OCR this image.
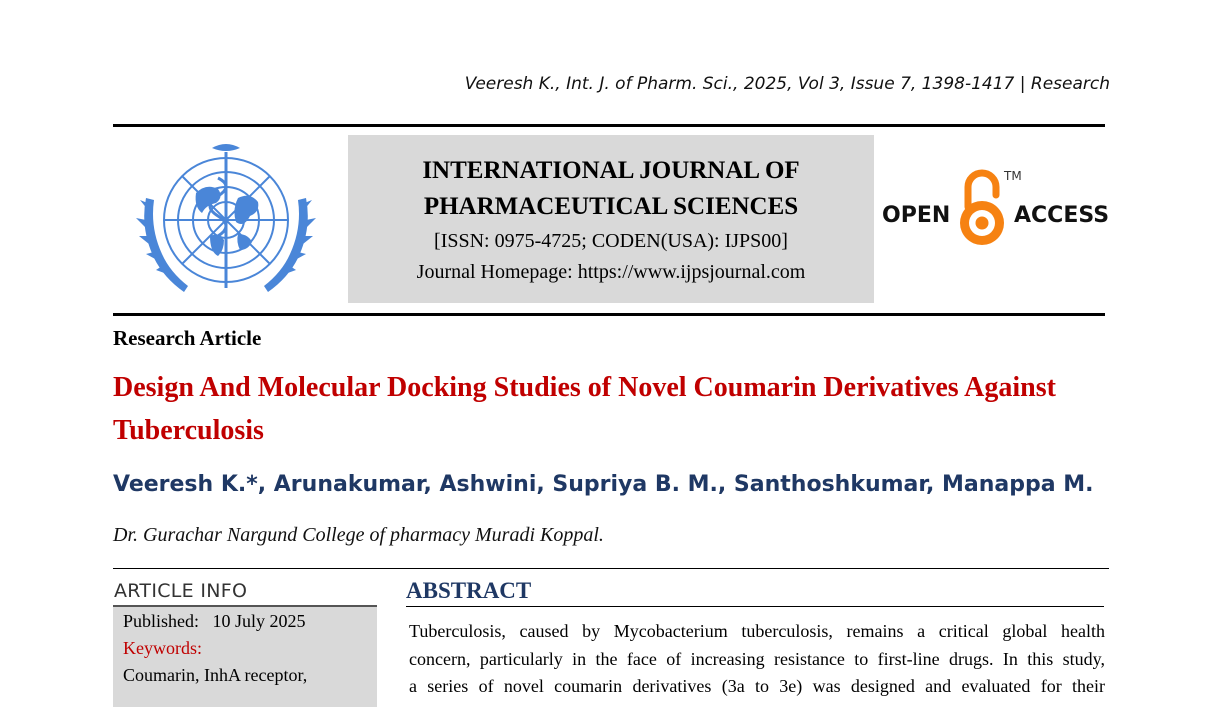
Veeresh K., Int. J. of Pharm. Sci., 2025, Vol 3, Issue 7, 1398-1417 | Research
INTERNATIONAL JOURNAL OF
PHARMACEUTICAL SCIENCES
[ISSN: 0975-4725; CODEN(USA): IJPS00]
Journal Homepage: https://www.ijpsjournal.com
OPEN
TM
ACCESS
Research Article
Design And Molecular Docking Studies of Novel Coumarin Derivatives Against Tuberculosis
Veeresh K.*, Arunakumar, Ashwini, Supriya B. M., Santhoshkumar, Manappa M.
Dr. Gurachar Nargund College of pharmacy Muradi Koppal.
ARTICLE INFO
Published: 10 July 2025
Keywords:
Coumarin, InhA receptor,
ABSTRACT
Tuberculosis, caused by Mycobacterium tuberculosis, remains a critical global health
concern, particularly in the face of increasing resistance to first-line drugs. In this study,
a series of novel coumarin derivatives (3a to 3e) was designed and evaluated for their
